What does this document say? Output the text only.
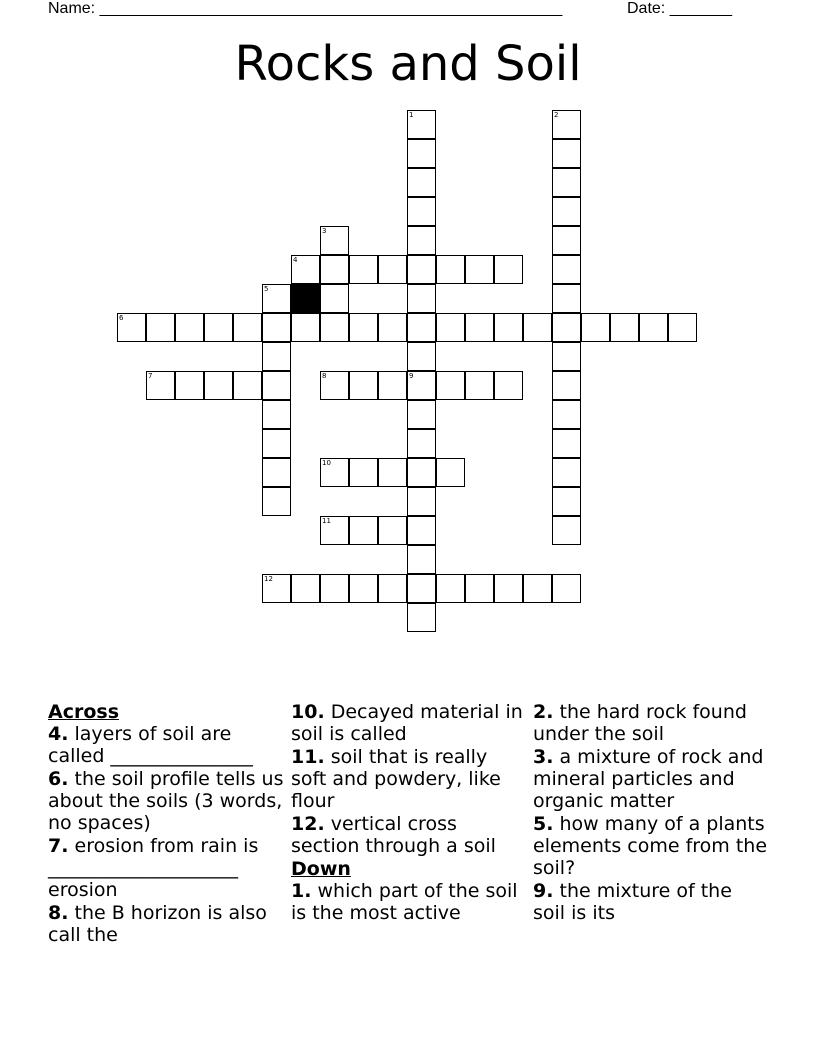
Name: ____________________________________________________	Date: _______
Rocks and Soil
1	2
3
4
5
6
7	8	9
10
11
12

Across

4. layers of soil are called _______________

6. the soil profile tells us about the soils (3 words, no spaces)

7. erosion from rain is ____________________ erosion

8. the B horizon is also call the

10. Decayed material in soil is called

11. soil that is really soft and powdery, like flour

12. vertical cross section through a soil

Down

1. which part of the soil is the most active

2. the hard rock found under the soil

3. a mixture of rock and mineral particles and organic matter

5. how many of a plants elements come from the soil?

9. the mixture of the soil is its
